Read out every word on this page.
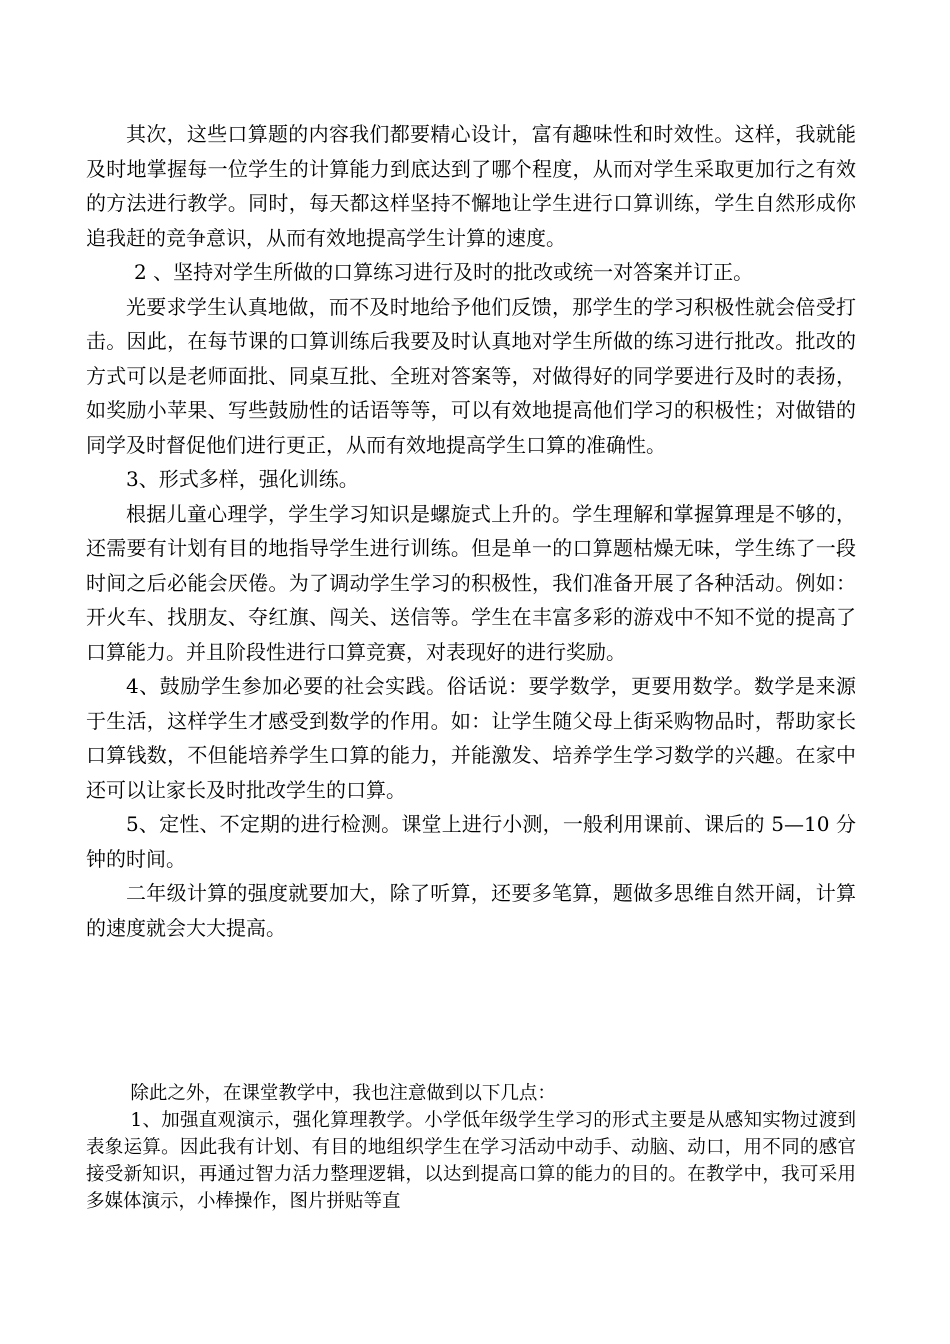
其次，这些口算题的内容我们都要精心设计，富有趣味性和时效性。这样，我就能及时地掌握每一位学生的计算能力到底达到了哪个程度，从而对学生采取更加行之有效的方法进行教学。同时，每天都这样坚持不懈地让学生进行口算训练，学生自然形成你追我赶的竞争意识，从而有效地提高学生计算的速度。

2 、坚持对学生所做的口算练习进行及时的批改或统一对答案并订正。

光要求学生认真地做，而不及时地给予他们反馈，那学生的学习积极性就会倍受打击。因此，在每节课的口算训练后我要及时认真地对学生所做的练习进行批改。批改的方式可以是老师面批、同桌互批、全班对答案等，对做得好的同学要进行及时的表扬，如奖励小苹果、写些鼓励性的话语等等，可以有效地提高他们学习的积极性；对做错的同学及时督促他们进行更正，从而有效地提高学生口算的准确性。

3、形式多样，强化训练。

根据儿童心理学，学生学习知识是螺旋式上升的。学生理解和掌握算理是不够的，还需要有计划有目的地指导学生进行训练。但是单一的口算题枯燥无味，学生练了一段时间之后必能会厌倦。为了调动学生学习的积极性，我们准备开展了各种活动。例如：开火车、找朋友、夺红旗、闯关、送信等。学生在丰富多彩的游戏中不知不觉的提高了口算能力。并且阶段性进行口算竞赛，对表现好的进行奖励。

4、鼓励学生参加必要的社会实践。俗话说：要学数学，更要用数学。数学是来源于生活，这样学生才感受到数学的作用。如：让学生随父母上街采购物品时，帮助家长口算钱数，不但能培养学生口算的能力，并能激发、培养学生学习数学的兴趣。在家中还可以让家长及时批改学生的口算。

5、定性、不定期的进行检测。课堂上进行小测，一般利用课前、课后的 5—10 分钟的时间。

二年级计算的强度就要加大，除了听算，还要多笔算，题做多思维自然开阔，计算的速度就会大大提高。

除此之外，在课堂教学中，我也注意做到以下几点：

1、加强直观演示，强化算理教学。小学低年级学生学习的形式主要是从感知实物过渡到表象运算。因此我有计划、有目的地组织学生在学习活动中动手、动脑、动口，用不同的感官接受新知识，再通过智力活力整理逻辑，以达到提高口算的能力的目的。在教学中，我可采用多媒体演示，小棒操作，图片拼贴等直
